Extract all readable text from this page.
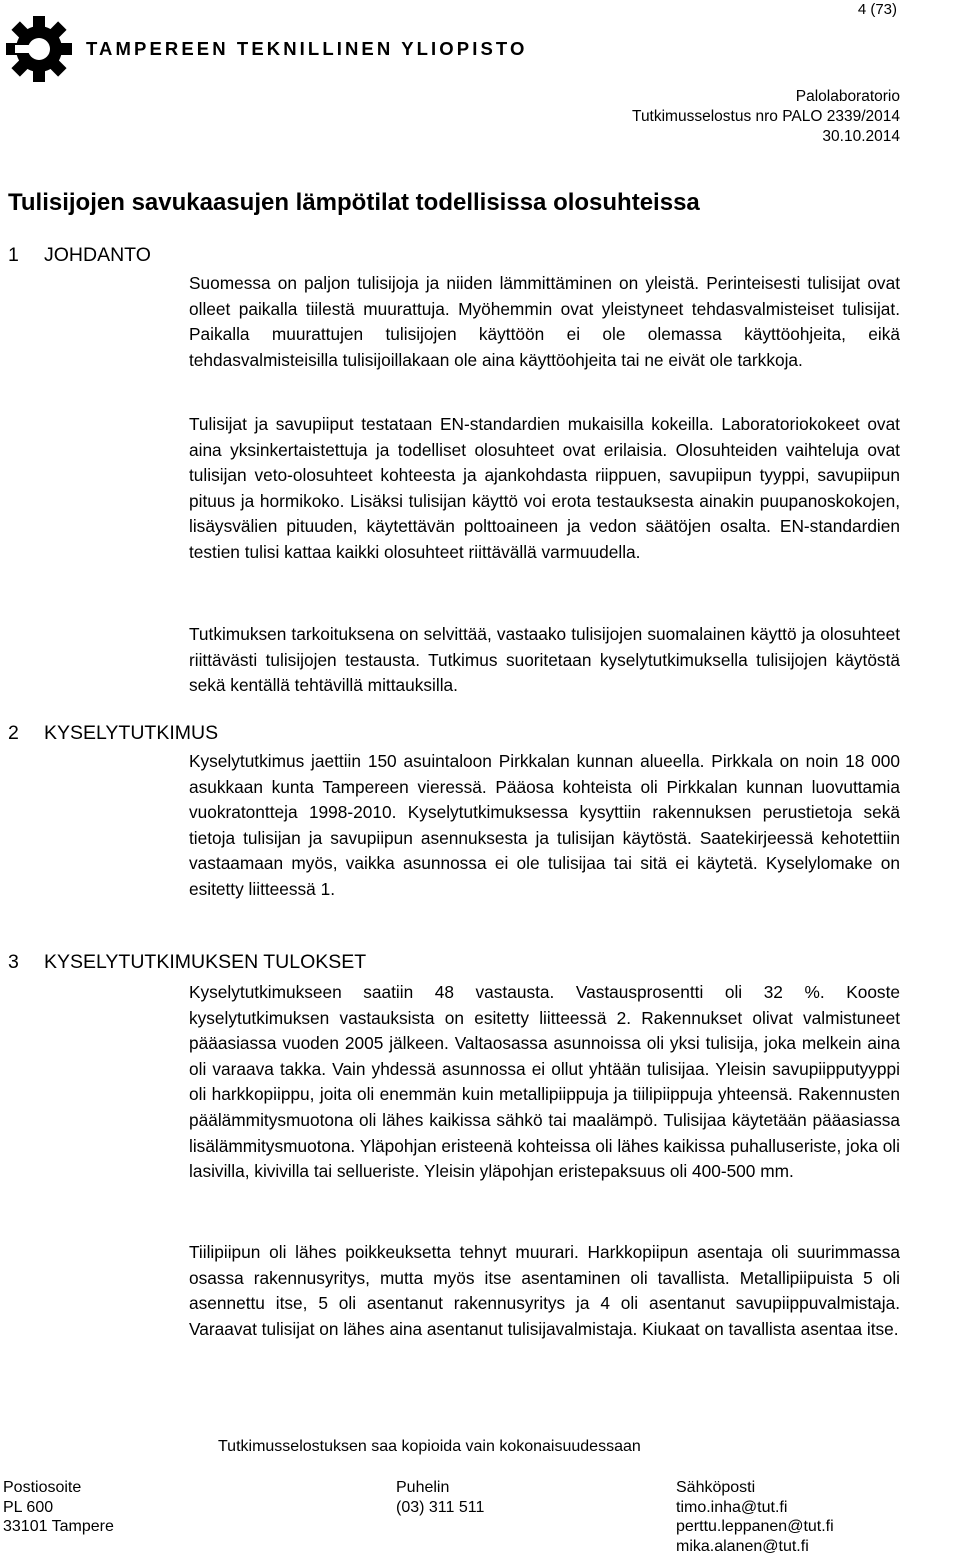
TAMPEREEN TEKNILLINEN YLIOPISTO
4 (73)
Palolaboratorio
Tutkimusselostus nro PALO 2339/2014
30.10.2014
Tulisijojen savukaasujen lämpötilat todellisissa olosuhteissa
1 JOHDANTO

Suomessa on paljon tulisijoja ja niiden lämmittäminen on yleistä. Perinteisesti tulisijat ovat olleet paikalla tiilestä muurattuja. Myöhemmin ovat yleistyneet tehdasvalmisteiset tulisijat. Paikalla muurattujen tulisijojen käyttöön ei ole olemassa käyttöohjeita, eikä tehdasvalmisteisilla tulisijoillakaan ole aina käyttöohjeita tai ne eivät ole tarkkoja.

Tulisijat ja savupiiput testataan EN-standardien mukaisilla kokeilla. Laboratoriokokeet ovat aina yksinkertaistettuja ja todelliset olosuhteet ovat erilaisia. Olosuhteiden vaihteluja ovat tulisijan veto-olosuhteet kohteesta ja ajankohdasta riippuen, savupiipun tyyppi, savupiipun pituus ja hormikoko. Lisäksi tulisijan käyttö voi erota testauksesta ainakin puupanoskokojen, lisäysvälien pituuden, käytettävän polttoaineen ja vedon säätöjen osalta. EN-standardien testien tulisi kattaa kaikki olosuhteet riittävällä varmuudella.

Tutkimuksen tarkoituksena on selvittää, vastaako tulisijojen suomalainen käyttö ja olosuhteet riittävästi tulisijojen testausta. Tutkimus suoritetaan kyselytutkimuksella tulisijojen käytöstä sekä kentällä tehtävillä mittauksilla.

2 KYSELYTUTKIMUS

Kyselytutkimus jaettiin 150 asuintaloon Pirkkalan kunnan alueella. Pirkkala on noin 18 000 asukkaan kunta Tampereen vieressä. Pääosa kohteista oli Pirkkalan kunnan luovuttamia vuokratontteja 1998-2010. Kyselytutkimuksessa kysyttiin rakennuksen perustietoja sekä tietoja tulisijan ja savupiipun asennuksesta ja tulisijan käytöstä. Saatekirjeessä kehotettiin vastaamaan myös, vaikka asunnossa ei ole tulisijaa tai sitä ei käytetä. Kyselylomake on esitetty liitteessä 1.

3 KYSELYTUTKIMUKSEN TULOKSET

Kyselytutkimukseen saatiin 48 vastausta. Vastausprosentti oli 32 %. Kooste kyselytutkimuksen vastauksista on esitetty liitteessä 2. Rakennukset olivat valmistuneet pääasiassa vuoden 2005 jälkeen. Valtaosassa asunnoissa oli yksi tulisija, joka melkein aina oli varaava takka. Vain yhdessä asunnossa ei ollut yhtään tulisijaa. Yleisin savupiipputyyppi oli harkkopiippu, joita oli enemmän kuin metallipiippuja ja tiilipiippuja yhteensä. Rakennusten päälämmitysmuotona oli lähes kaikissa sähkö tai maalämpö. Tulisijaa käytetään pääasiassa lisälämmitysmuotona. Yläpohjan eristeenä kohteissa oli lähes kaikissa puhalluseriste, joka oli lasivilla, kivivilla tai sellueriste. Yleisin yläpohjan eristepaksuus oli 400-500 mm.

Tiilipiipun oli lähes poikkeuksetta tehnyt muurari. Harkkopiipun asentaja oli suurimmassa osassa rakennusyritys, mutta myös itse asentaminen oli tavallista. Metallipiipuista 5 oli asennettu itse, 5 oli asentanut rakennusyritys ja 4 oli asentanut savupiippuvalmistaja. Varaavat tulisijat on lähes aina asentanut tulisijavalmistaja. Kiukaat on tavallista asentaa itse.

Tutkimusselostuksen saa kopioida vain kokonaisuudessaan
Postiosoite
PL 600
33101 Tampere
Puhelin
(03) 311 511
Sähköposti
timo.inha@tut.fi
perttu.leppanen@tut.fi
mika.alanen@tut.fi
